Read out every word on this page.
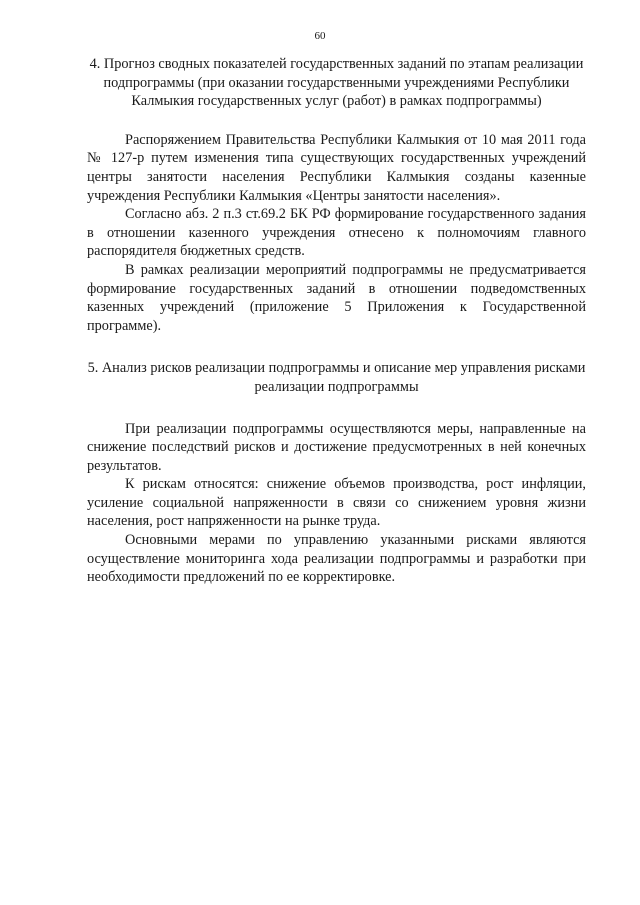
60

4. Прогноз сводных показателей государственных заданий по этапам реализации подпрограммы (при оказании государственными учреждениями Республики Калмыкия государственных услуг (работ) в рамках подпрограммы)

Распоряжением Правительства Республики Калмыкия от 10 мая 2011 года № 127-р путем изменения типа существующих государственных учреждений центры занятости населения Республики Калмыкия созданы казенные учреждения Республики Калмыкия «Центры занятости населения».

Согласно абз. 2 п.3 ст.69.2 БК РФ формирование государственного задания в отношении казенного учреждения отнесено к полномочиям главного распорядителя бюджетных средств.

В рамках реализации мероприятий подпрограммы не предусматривается формирование государственных заданий в отношении подведомственных казенных учреждений (приложение 5 Приложения к Государственной программе).

5. Анализ рисков реализации подпрограммы и описание мер управления рисками реализации подпрограммы

При реализации подпрограммы осуществляются меры, направленные на снижение последствий рисков и достижение предусмотренных в ней конечных результатов.

К рискам относятся: снижение объемов производства, рост инфляции, усиление социальной напряженности в связи со снижением уровня жизни населения, рост напряженности на рынке труда.

Основными мерами по управлению указанными рисками являются осуществление мониторинга хода реализации подпрограммы и разработки при необходимости предложений по ее корректировке.
